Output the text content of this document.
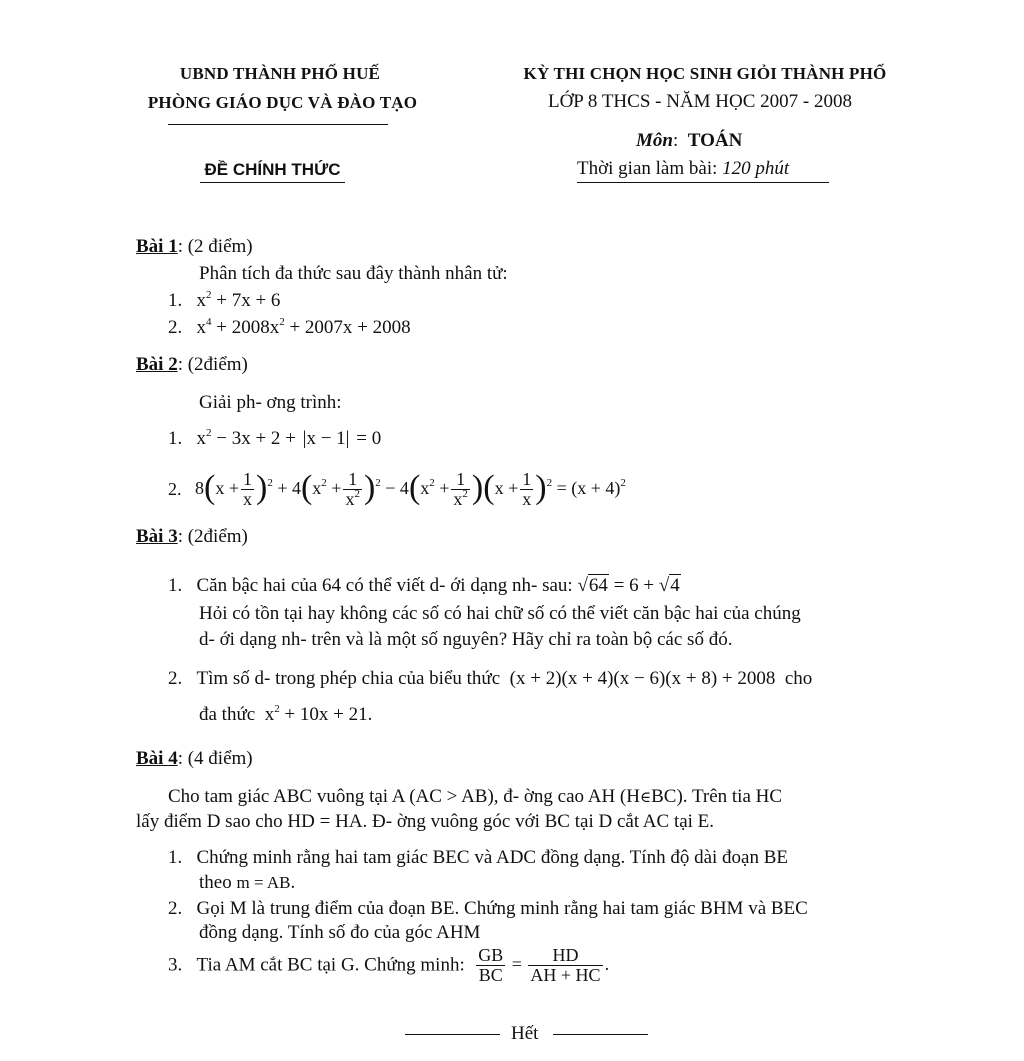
UBND THÀNH PHỐ HUẾ
PHÒNG GIÁO DỤC VÀ ĐÀO TẠO
ĐỀ CHÍNH THỨC
KỲ THI CHỌN HỌC SINH GIỎI THÀNH PHỐ
LỚP 8 THCS - NĂM HỌC 2007 - 2008
Môn: TOÁN
Thời gian làm bài: 120 phút
Bài 1: (2 điểm)
Phân tích đa thức sau đây thành nhân tử:
1. $x^2 + 7x + 6$
2. $x^4 + 2008x^2 + 2007x + 2008$
Bài 2: (2điểm)
Giải ph- ơng trình:
1. $x^2 - 3x + 2 + |x - 1| = 0$
2. $8(x + \frac{1}{x} )^2 + 4(x^2 + \frac{1}{x^2} )^2 - 4(x^2 + \frac{1}{x^2} )(x + \frac{1}{x} )^2 = (x + 4)^2$
Bài 3: (2điểm)
1. Căn bậc hai của 64 có thể viết d- ới dạng nh- sau: √64 = 6 + √4
Hỏi có tồn tại hay không các số có hai chữ số có thể viết căn bậc hai của chúng
d- ới dạng nh- trên và là một số nguyên? Hãy chỉ ra toàn bộ các số đó.
2. Tìm số d- trong phép chia của biểu thức (x + 2)(x + 4)(x − 6)(x + 8) + 2008 cho
đa thức $x^2 + 10x + 21$.
Bài 4: (4 điểm)
Cho tam giác ABC vuông tại A (AC > AB), đ- ờng cao AH (H∈BC). Trên tia HC
lấy điểm D sao cho HD = HA. Đ- ờng vuông góc với BC tại D cắt AC tại E.
1. Chứng minh rằng hai tam giác BEC và ADC đồng dạng. Tính độ dài đoạn BE
theo m = AB.
2. Gọi M là trung điểm của đoạn BE. Chứng minh rằng hai tam giác BHM và BEC
đồng dạng. Tính số đo của góc AHM
3. Tia AM cắt BC tại G. Chứng minh: $\frac{GB}{BC} = \frac{HD}{AH + HC}$ .
Hết
